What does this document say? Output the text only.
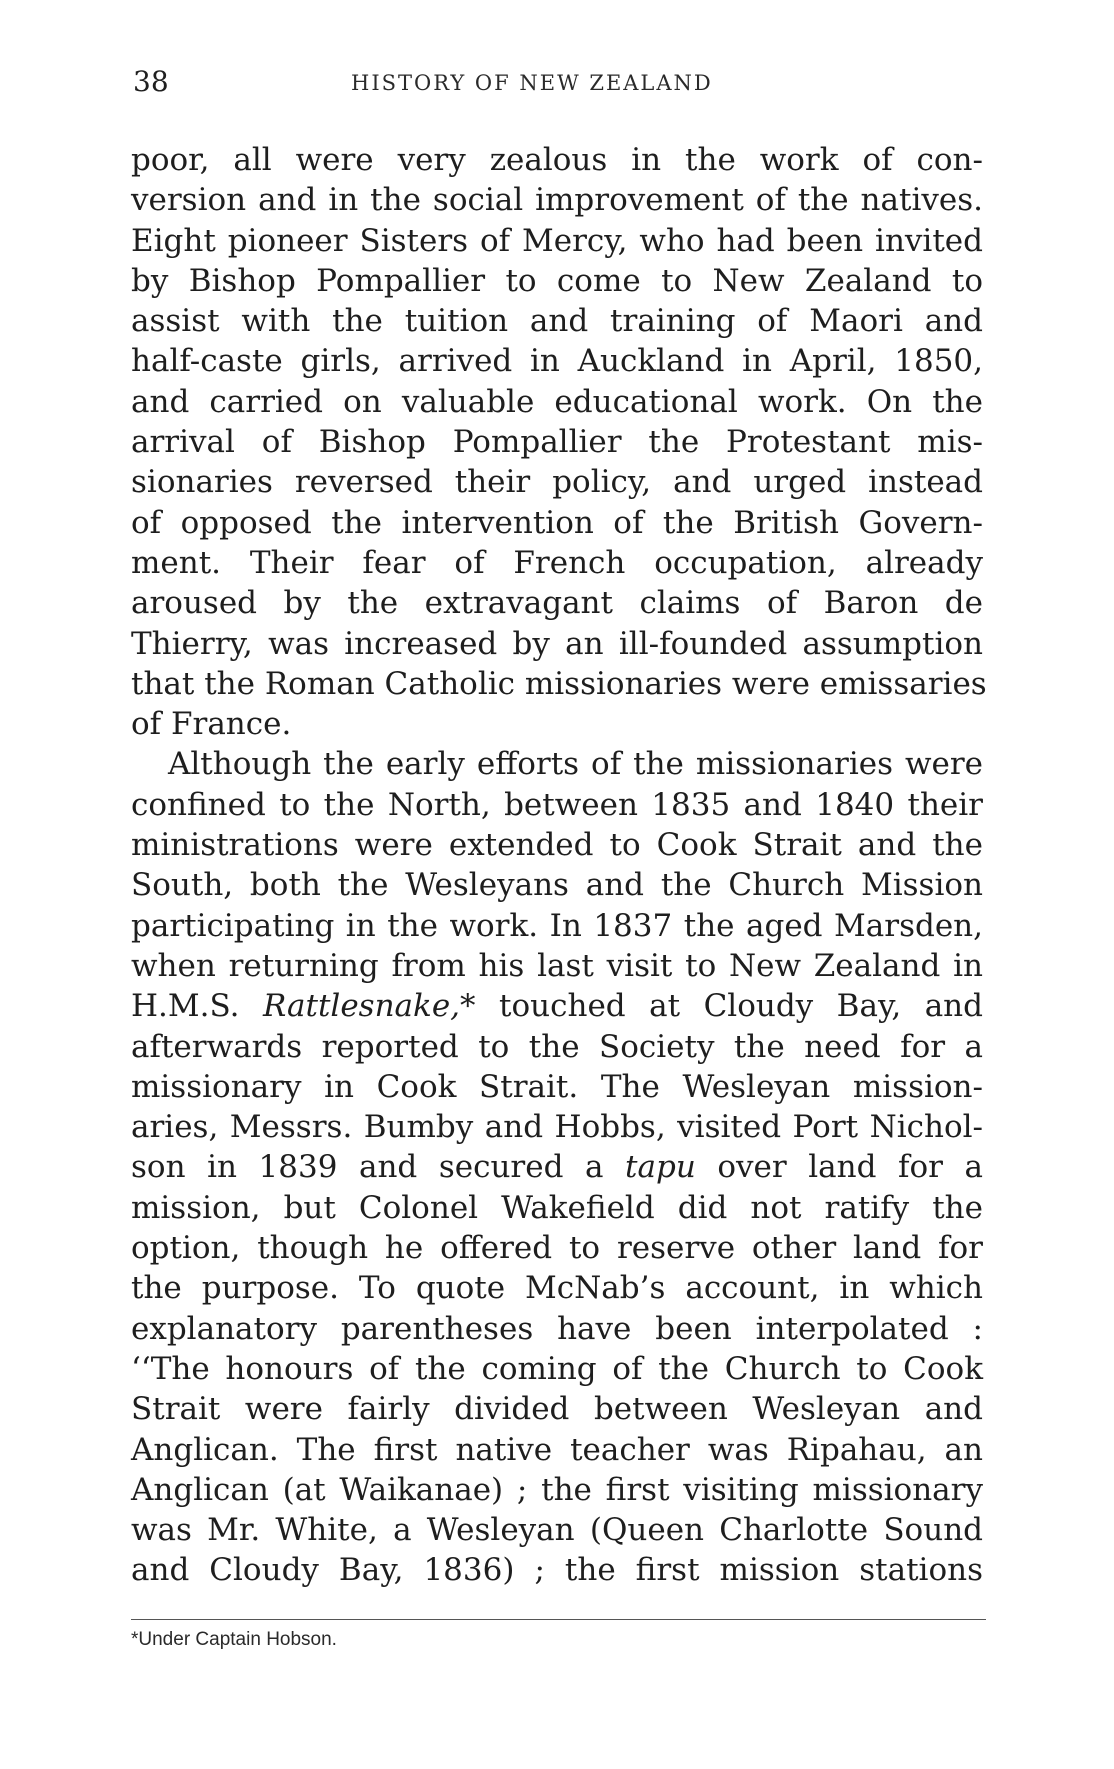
38	HISTORY OF NEW ZEALAND
poor, all were very zealous in the work of con-
version and in the social improvement of the natives.
Eight pioneer Sisters of Mercy, who had been invited
by Bishop Pompallier to come to New Zealand to
assist with the tuition and training of Maori and
half-caste girls, arrived in Auckland in April, 1850,
and carried on valuable educational work. On the
arrival of Bishop Pompallier the Protestant mis-
sionaries reversed their policy, and urged instead
of opposed the intervention of the British Govern-
ment. Their fear of French occupation, already
aroused by the extravagant claims of Baron de
Thierry, was increased by an ill-founded assumption
that the Roman Catholic missionaries were emissaries
of France.
Although the early efforts of the missionaries were
confined to the North, between 1835 and 1840 their
ministrations were extended to Cook Strait and the
South, both the Wesleyans and the Church Mission
participating in the work. In 1837 the aged Marsden,
when returning from his last visit to New Zealand in
H.M.S. Rattlesnake,* touched at Cloudy Bay, and
afterwards reported to the Society the need for a
missionary in Cook Strait. The Wesleyan mission-
aries, Messrs. Bumby and Hobbs, visited Port Nichol-
son in 1839 and secured a tapu over land for a
mission, but Colonel Wakefield did not ratify the
option, though he offered to reserve other land for
the purpose. To quote McNab’s account, in which
explanatory parentheses have been interpolated :
‘‘The honours of the coming of the Church to Cook
Strait were fairly divided between Wesleyan and
Anglican. The first native teacher was Ripahau, an
Anglican (at Waikanae) ; the first visiting missionary
was Mr. White, a Wesleyan (Queen Charlotte Sound
and Cloudy Bay, 1836) ; the first mission stations
*Under Captain Hobson.
